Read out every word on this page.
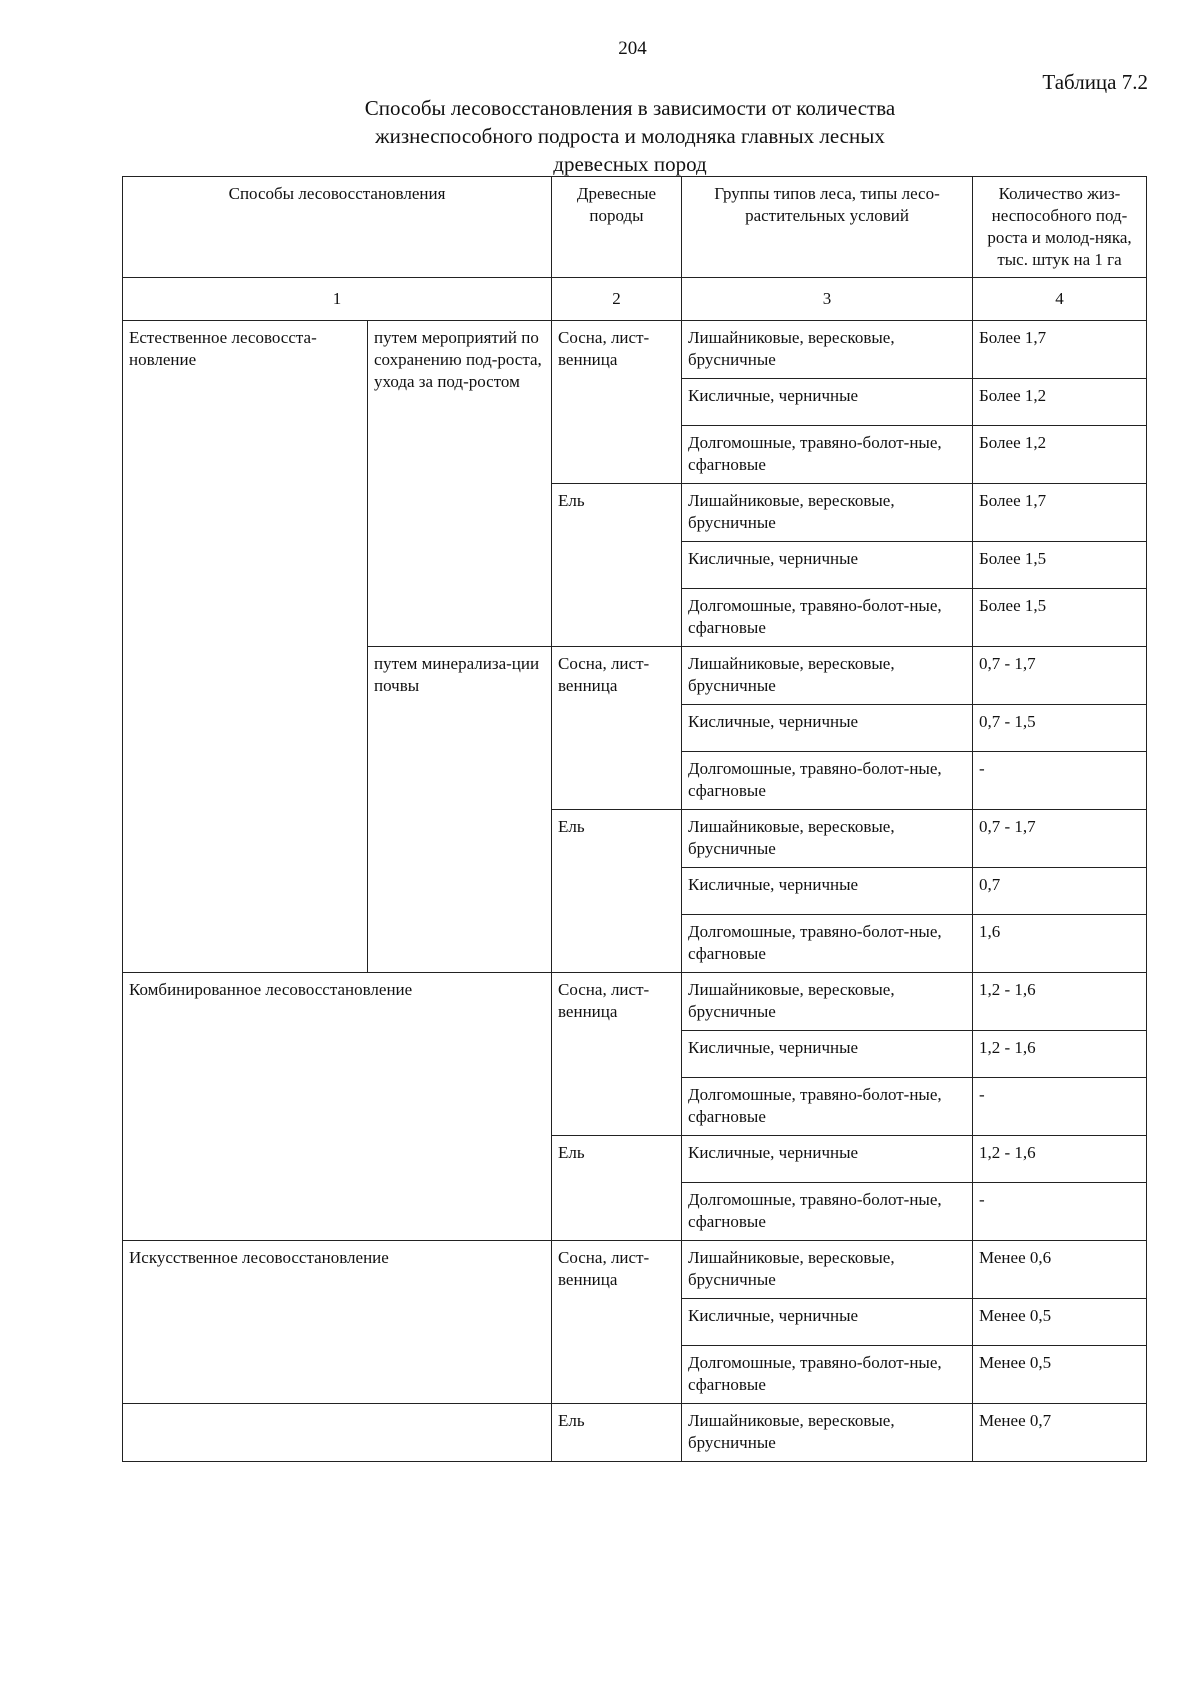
204
Таблица 7.2
Способы лесовосстановления в зависимости от количества
жизнеспособного подроста и молодняка главных лесных
древесных пород
Способы лесовосстановления		Древесные породы	Группы типов леса, типы лесо-растительных условий	Количество жиз-неспособного под-роста и молод-няка, тыс. штук на 1 га
1		2	3	4
Естественное лесовосста-новление	путем мероприятий по сохранению под-роста, ухода за под-ростом	Сосна, лист-венница	Лишайниковые, вересковые, брусничные	Более 1,7
			Кисличные, черничные	Более 1,2
			Долгомошные, травяно-болот-ные, сфагновые	Более 1,2
		Ель	Лишайниковые, вересковые, брусничные	Более 1,7
			Кисличные, черничные	Более 1,5
			Долгомошные, травяно-болот-ные, сфагновые	Более 1,5
	путем минерализа-ции почвы	Сосна, лист-венница	Лишайниковые, вересковые, брусничные	0,7 - 1,7
			Кисличные, черничные	0,7 - 1,5
			Долгомошные, травяно-болот-ные, сфагновые	-
		Ель	Лишайниковые, вересковые, брусничные	0,7 - 1,7
			Кисличные, черничные	0,7
			Долгомошные, травяно-болот-ные, сфагновые	1,6
Комбинированное лесовосстановление		Сосна, лист-венница	Лишайниковые, вересковые, брусничные	1,2 - 1,6
			Кисличные, черничные	1,2 - 1,6
			Долгомошные, травяно-болот-ные, сфагновые	-
		Ель	Кисличные, черничные	1,2 - 1,6
			Долгомошные, травяно-болот-ные, сфагновые	-
Искусственное лесовосстановление		Сосна, лист-венница	Лишайниковые, вересковые, брусничные	Менее 0,6
			Кисличные, черничные	Менее 0,5
			Долгомошные, травяно-болот-ные, сфагновые	Менее 0,5
		Ель	Лишайниковые, вересковые, брусничные	Менее 0,7
